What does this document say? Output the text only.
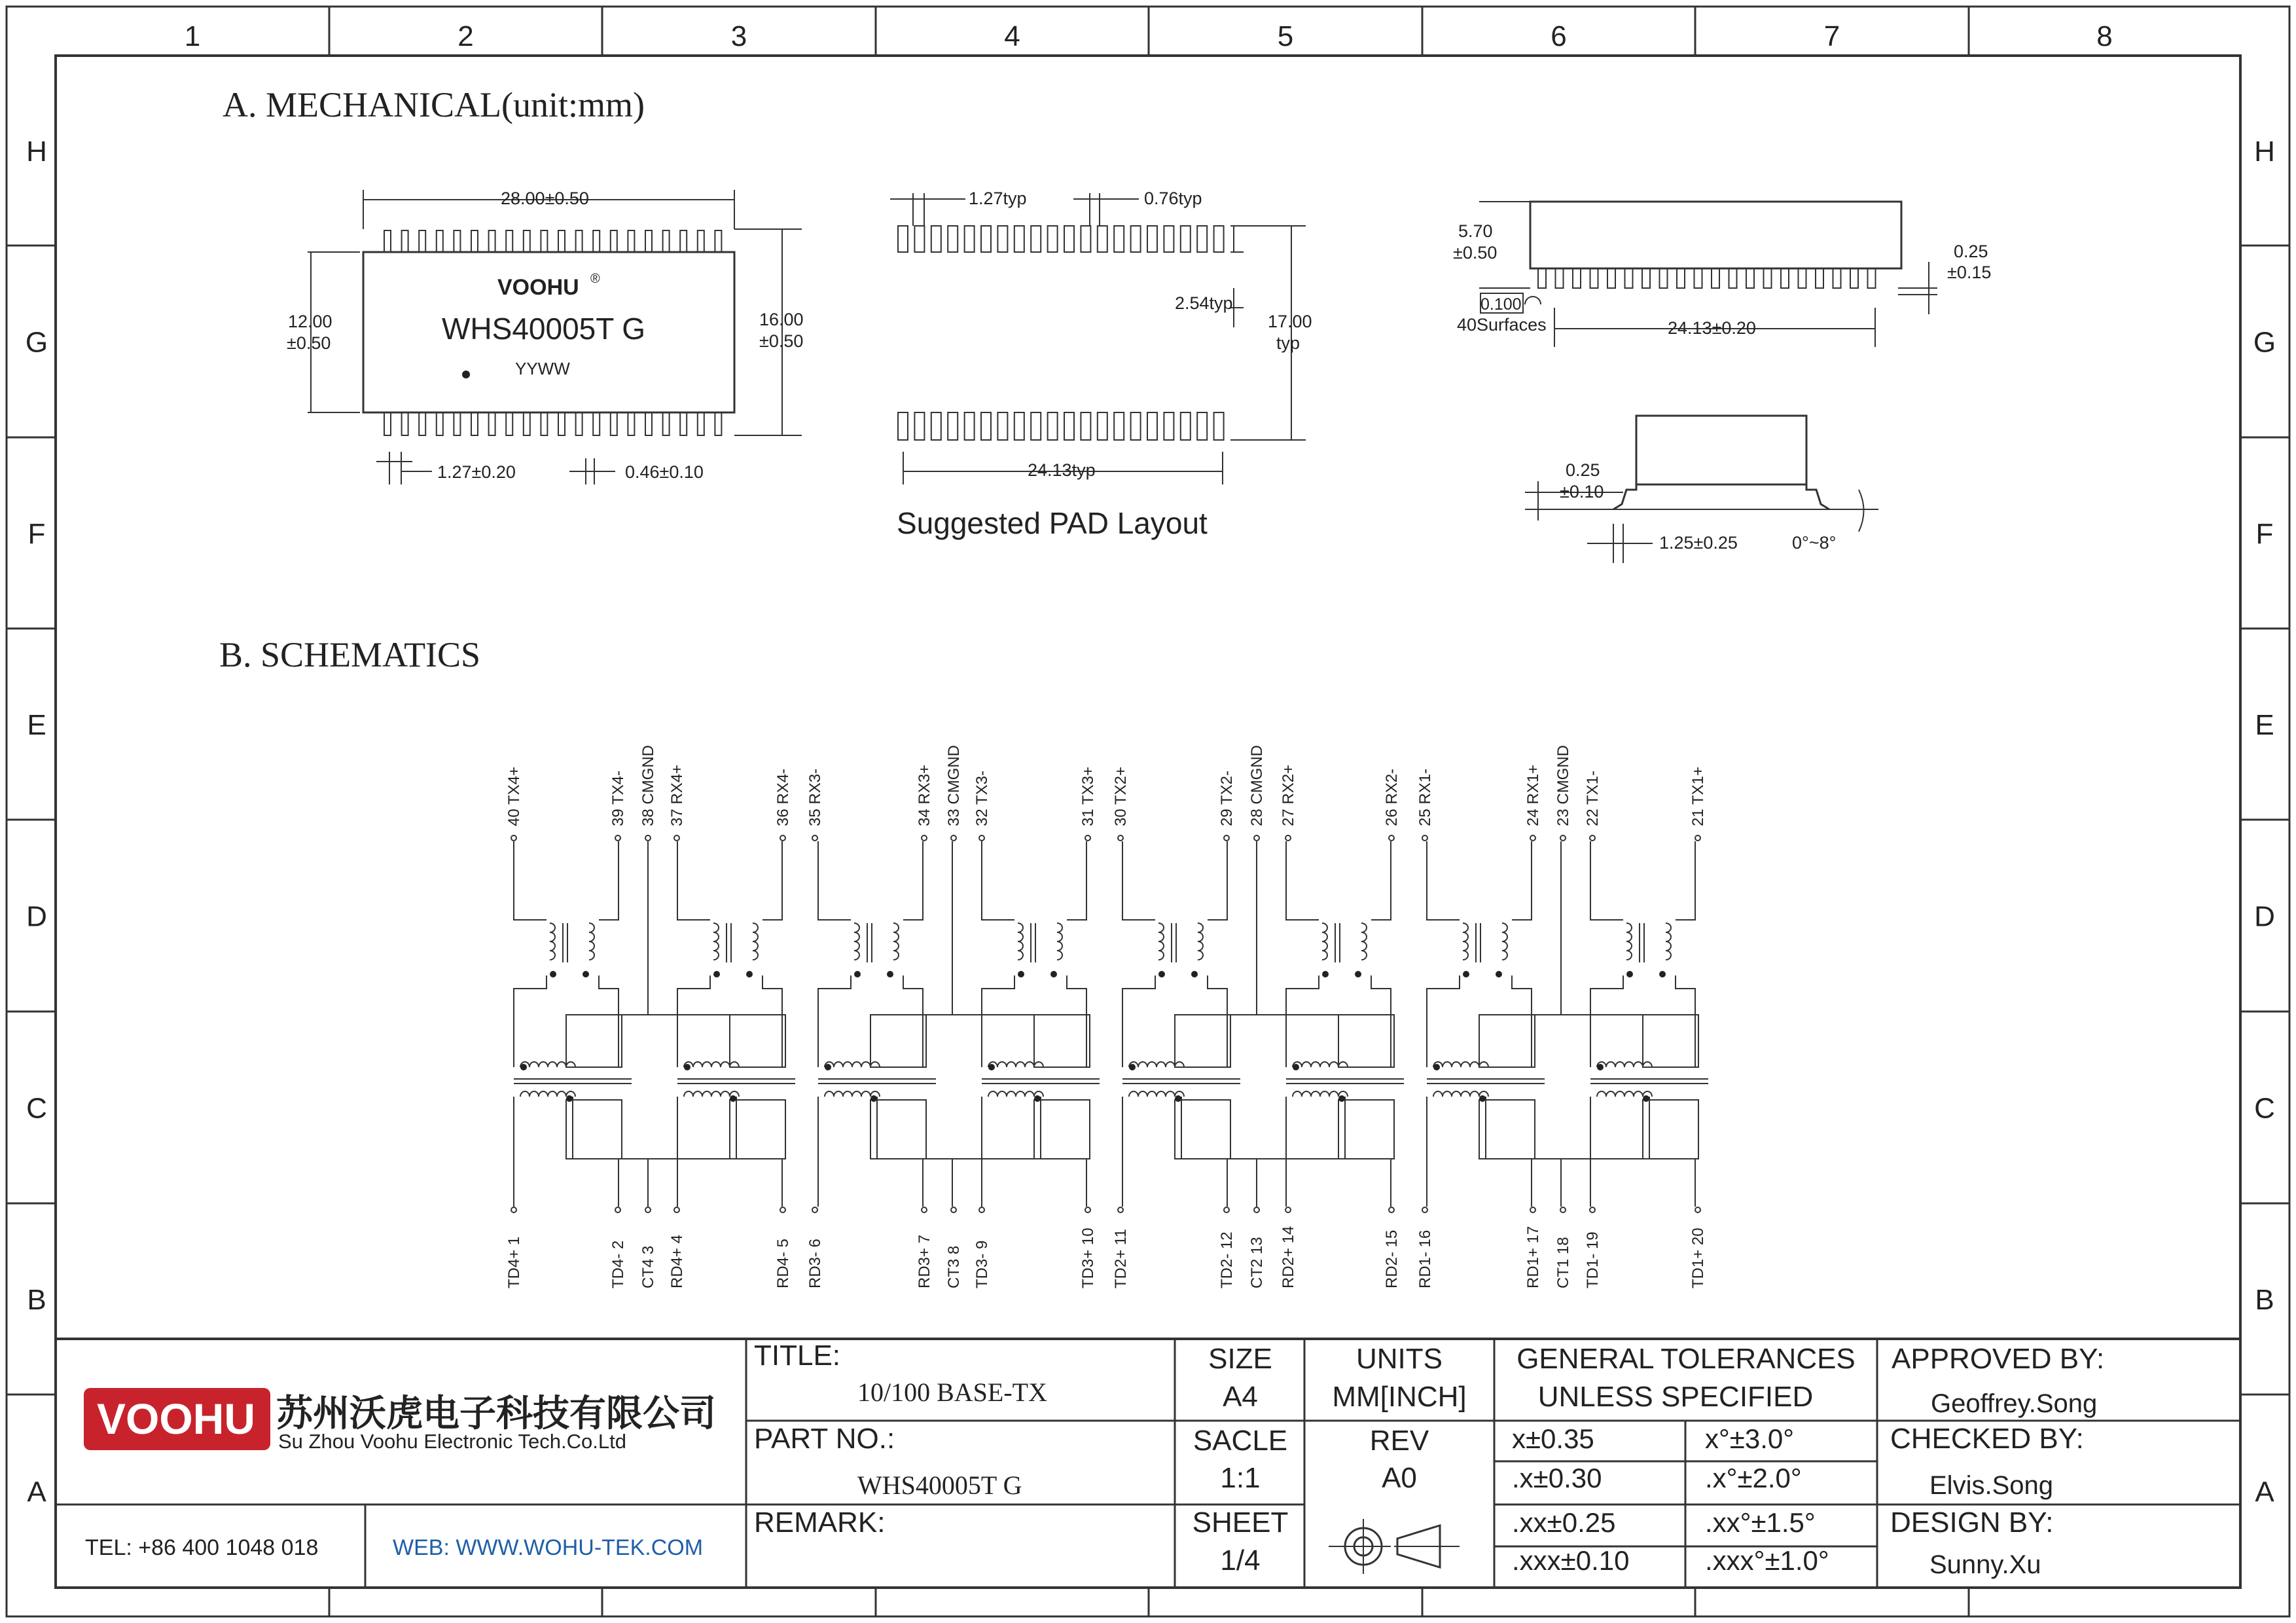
1	2	3	4	5	6	7	8
H	H
G	G
F	F
E	E
D	D
C	C
B	B
A	A
A. MECHANICAL(unit:mm)
B. SCHEMATICS
VOOHU ®
WHS40005T G
YYWW
28.00±0.50
12.00
±0.50
16.00
±0.50
1.27±0.20	0.46±0.10
1.27typ	0.76typ
2.54typ
17.00
typ
24.13typ
Suggested PAD Layout
5.70
±0.50
0.100
40Surfaces	24.13±0.20
0.25
±0.15
0.25
±0.10
1.25±0.25	0°~8°
40 TX4+	39 TX4- 38 CMGND 37 RX4+	36 RX4- 35 RX3-	34 RX3+ 33 CMGND 32 TX3-	31 TX3+ 30 TX2+	29 TX2- 28 CMGND 27 RX2+	26 RX2- 25 RX1-	24 RX1+ 23 CMGND 22 TX1-	21 TX1+
TD4+ 1	TD4- 2 CT4 3 RD4+ 4	RD4- 5 RD3- 6	RD3+ 7 CT3 8 TD3- 9	TD3+ 10 TD2+ 11	TD2- 12 CT2 13 RD2+ 14	RD2- 15 RD1- 16	RD1+ 17 CT1 18 TD1- 19	TD1+ 20
VOOHU 苏州沃虎电子科技有限公司
Su Zhou Voohu Electronic Tech.Co.Ltd
TEL: +86 400 1048 018	WEB: WWW.WOHU-TEK.COM
TITLE:
10/100 BASE-TX
PART NO.:
WHS40005T G
REMARK:
SIZE
A4
SACLE
1:1
SHEET
1/4
UNITS
MM[INCH]
REV
A0
GENERAL TOLERANCES
UNLESS SPECIFIED
x±0.35	x°±3.0°
.x±0.30	.x°±2.0°
.xx±0.25	.xx°±1.5°
.xxx±0.10	.xxx°±1.0°
APPROVED BY:
Geoffrey.Song
CHECKED BY:
Elvis.Song
DESIGN BY:
Sunny.Xu
